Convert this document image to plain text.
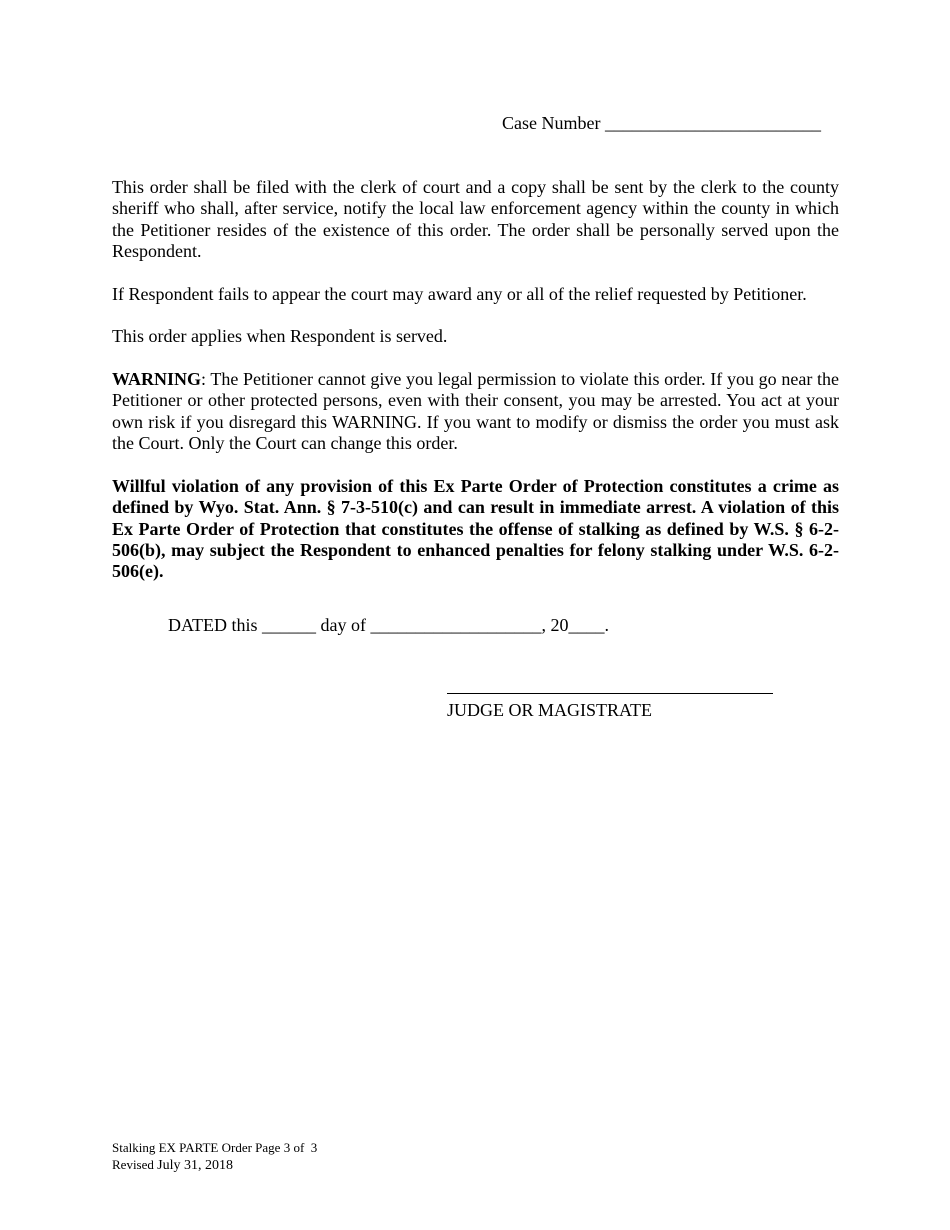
Case Number ________________________

This order shall be filed with the clerk of court and a copy shall be sent by the clerk to the county sheriff who shall, after service, notify the local law enforcement agency within the county in which the Petitioner resides of the existence of this order. The order shall be personally served upon the Respondent.

If Respondent fails to appear the court may award any or all of the relief requested by Petitioner.

This order applies when Respondent is served.

WARNING: The Petitioner cannot give you legal permission to violate this order. If you go near the Petitioner or other protected persons, even with their consent, you may be arrested. You act at your own risk if you disregard this WARNING. If you want to modify or dismiss the order you must ask the Court. Only the Court can change this order.

Willful violation of any provision of this Ex Parte Order of Protection constitutes a crime as defined by Wyo. Stat. Ann. § 7-3-510(c) and can result in immediate arrest. A violation of this Ex Parte Order of Protection that constitutes the offense of stalking as defined by W.S. § 6-2-506(b), may subject the Respondent to enhanced penalties for felony stalking under W.S. 6-2-506(e).

DATED this ______ day of ___________________, 20____.
JUDGE OR MAGISTRATE
Stalking EX PARTE Order Page 3 of  3
Revised July 31, 2018
